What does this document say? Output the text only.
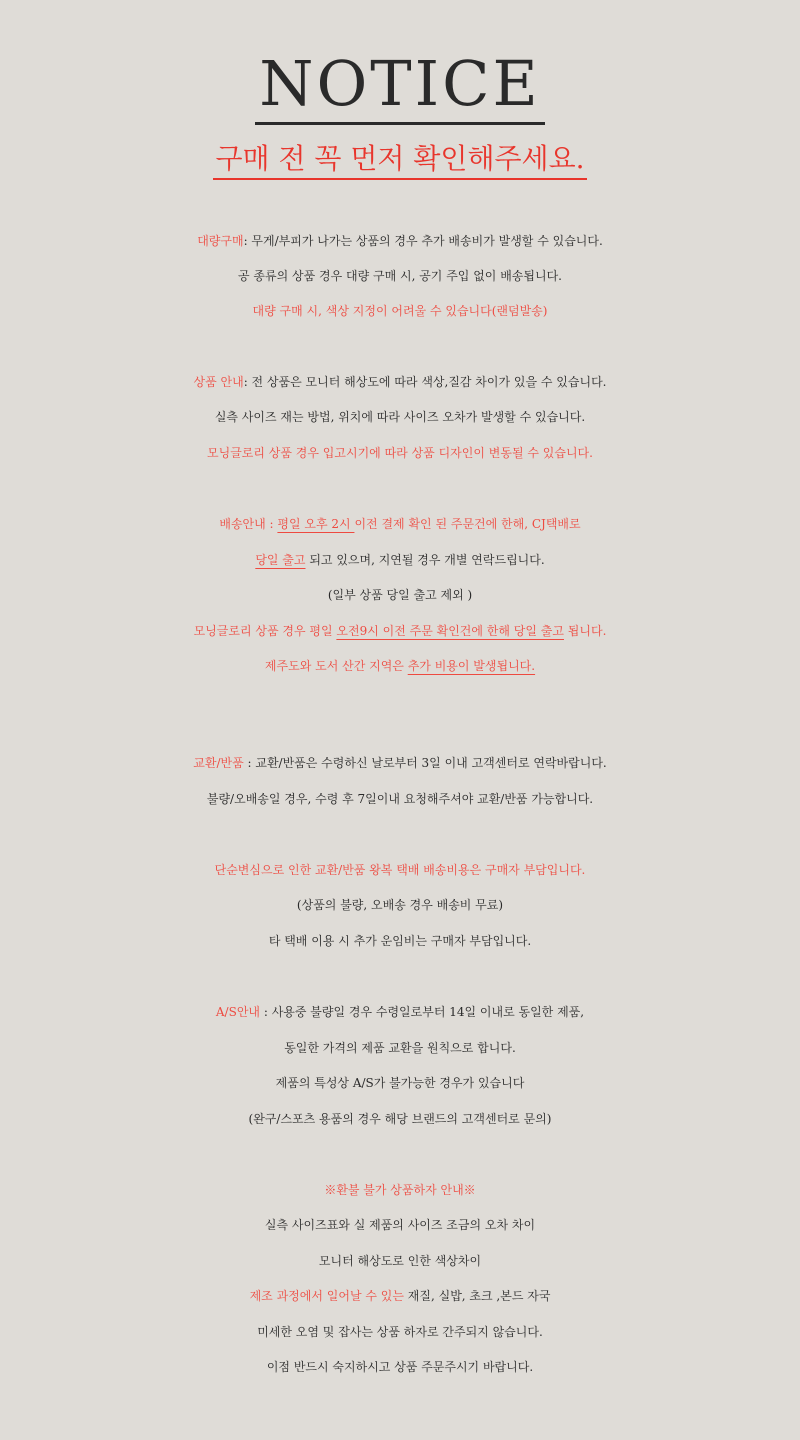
NOTICE
구매 전 꼭 먼저 확인해주세요.
대량구매: 무게/부피가 나가는 상품의 경우 추가 배송비가 발생할 수 있습니다.
공 종류의 상품 경우 대량 구매 시, 공기 주입 없이 배송됩니다.
대량 구매 시, 색상 지정이 어려울 수 있습니다(랜덤발송)
상품 안내: 전 상품은 모니터 해상도에 따라 색상,질감 차이가 있을 수 있습니다.
실측 사이즈 재는 방법, 위치에 따라 사이즈 오차가 발생할 수 있습니다.
모닝글로리 상품 경우 입고시기에 따라 상품 디자인이 변동될 수 있습니다.
배송안내 : 평일 오후 2시 이전 결제 확인 된 주문건에 한해, CJ택배로
당일 출고 되고 있으며, 지연될 경우 개별 연락드립니다.
(일부 상품 당일 출고 제외 )
모닝글로리 상품 경우 평일 오전9시 이전 주문 확인건에 한해 당일 출고 됩니다.
제주도와 도서 산간 지역은 추가 비용이 발생됩니다.
교환/반품 : 교환/반품은 수령하신 날로부터 3일 이내 고객센터로 연락바랍니다.
불량/오배송일 경우, 수령 후 7일이내 요청해주셔야 교환/반품 가능합니다.
단순변심으로 인한 교환/반품 왕복 택배 배송비용은 구매자 부담입니다.
(상품의 불량, 오배송 경우 배송비 무료)
타 택배 이용 시 추가 운임비는 구매자 부담입니다.
A/S안내 : 사용중 불량일 경우 수령일로부터 14일 이내로 동일한 제품,
동일한 가격의 제품 교환을 원칙으로 합니다.
제품의 특성상 A/S가 불가능한 경우가 있습니다
(완구/스포츠 용품의 경우 해당 브랜드의 고객센터로 문의)
※환불 불가 상품하자 안내※
실측 사이즈표와 실 제품의 사이즈 조금의 오차 차이
모니터 해상도로 인한 색상차이
제조 과정에서 일어날 수 있는 재질, 실밥, 초크 ,본드 자국
미세한 오염 및 잡사는 상품 하자로 간주되지 않습니다.
이점 반드시 숙지하시고 상품 주문주시기 바랍니다.
